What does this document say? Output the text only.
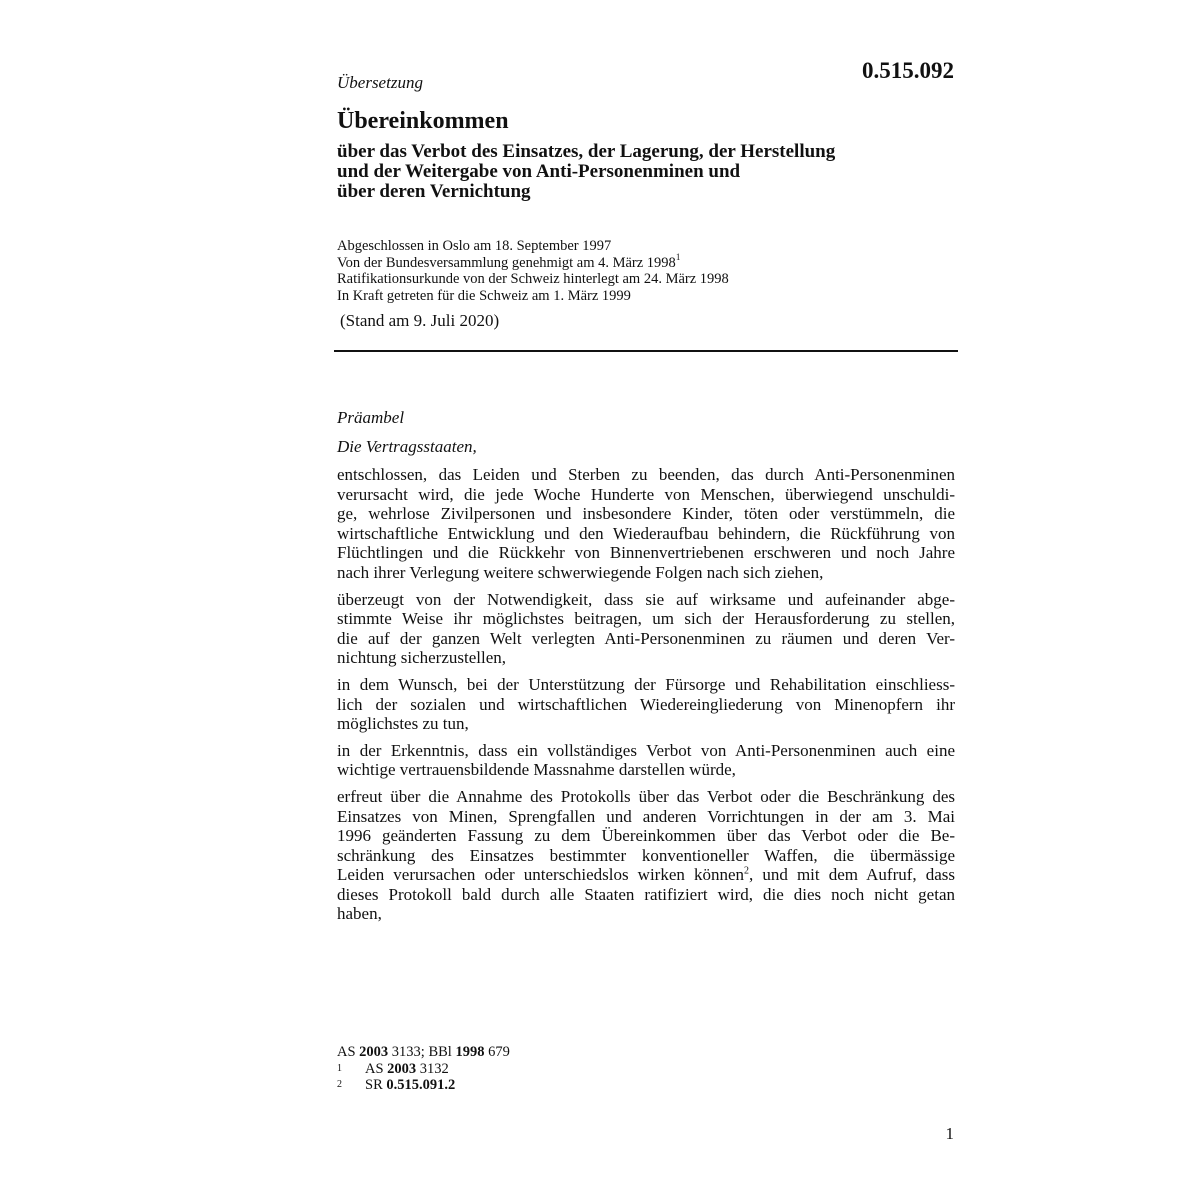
Übersetzung	0.515.092
Übereinkommen
über das Verbot des Einsatzes, der Lagerung, der Herstellung
und der Weitergabe von Anti-Personenminen und
über deren Vernichtung
Abgeschlossen in Oslo am 18. September 1997
Von der Bundesversammlung genehmigt am 4. März 1998$^1$
Ratifikationsurkunde von der Schweiz hinterlegt am 24. März 1998
In Kraft getreten für die Schweiz am 1. März 1999
(Stand am 9. Juli 2020)
Präambel
Die Vertragsstaaten,

entschlossen, das Leiden und Sterben zu beenden, das durch Anti-Personenminen
verursacht wird, die jede Woche Hunderte von Menschen, überwiegend unschuldi-
ge, wehrlose Zivilpersonen und insbesondere Kinder, töten oder verstümmeln, die
wirtschaftliche Entwicklung und den Wiederaufbau behindern, die Rückführung von
Flüchtlingen und die Rückkehr von Binnenvertriebenen erschweren und noch Jahre
nach ihrer Verlegung weitere schwerwiegende Folgen nach sich ziehen,

überzeugt von der Notwendigkeit, dass sie auf wirksame und aufeinander abge-
stimmte Weise ihr möglichstes beitragen, um sich der Herausforderung zu stellen,
die auf der ganzen Welt verlegten Anti-Personenminen zu räumen und deren Ver-
nichtung sicherzustellen,

in dem Wunsch, bei der Unterstützung der Fürsorge und Rehabilitation einschliess-
lich der sozialen und wirtschaftlichen Wiedereingliederung von Minenopfern ihr
möglichstes zu tun,

in der Erkenntnis, dass ein vollständiges Verbot von Anti-Personenminen auch eine
wichtige vertrauensbildende Massnahme darstellen würde,

erfreut über die Annahme des Protokolls über das Verbot oder die Beschränkung des
Einsatzes von Minen, Sprengfallen und anderen Vorrichtungen in der am 3. Mai
1996 geänderten Fassung zu dem Übereinkommen über das Verbot oder die Be-
schränkung des Einsatzes bestimmter konventioneller Waffen, die übermässige
Leiden verursachen oder unterschiedslos wirken können$^2$, und mit dem Aufruf, dass
dieses Protokoll bald durch alle Staaten ratifiziert wird, die dies noch nicht getan
haben,

AS 2003 3133; BBl 1998 679
1 AS 2003 3132
2 SR 0.515.091.2
1
